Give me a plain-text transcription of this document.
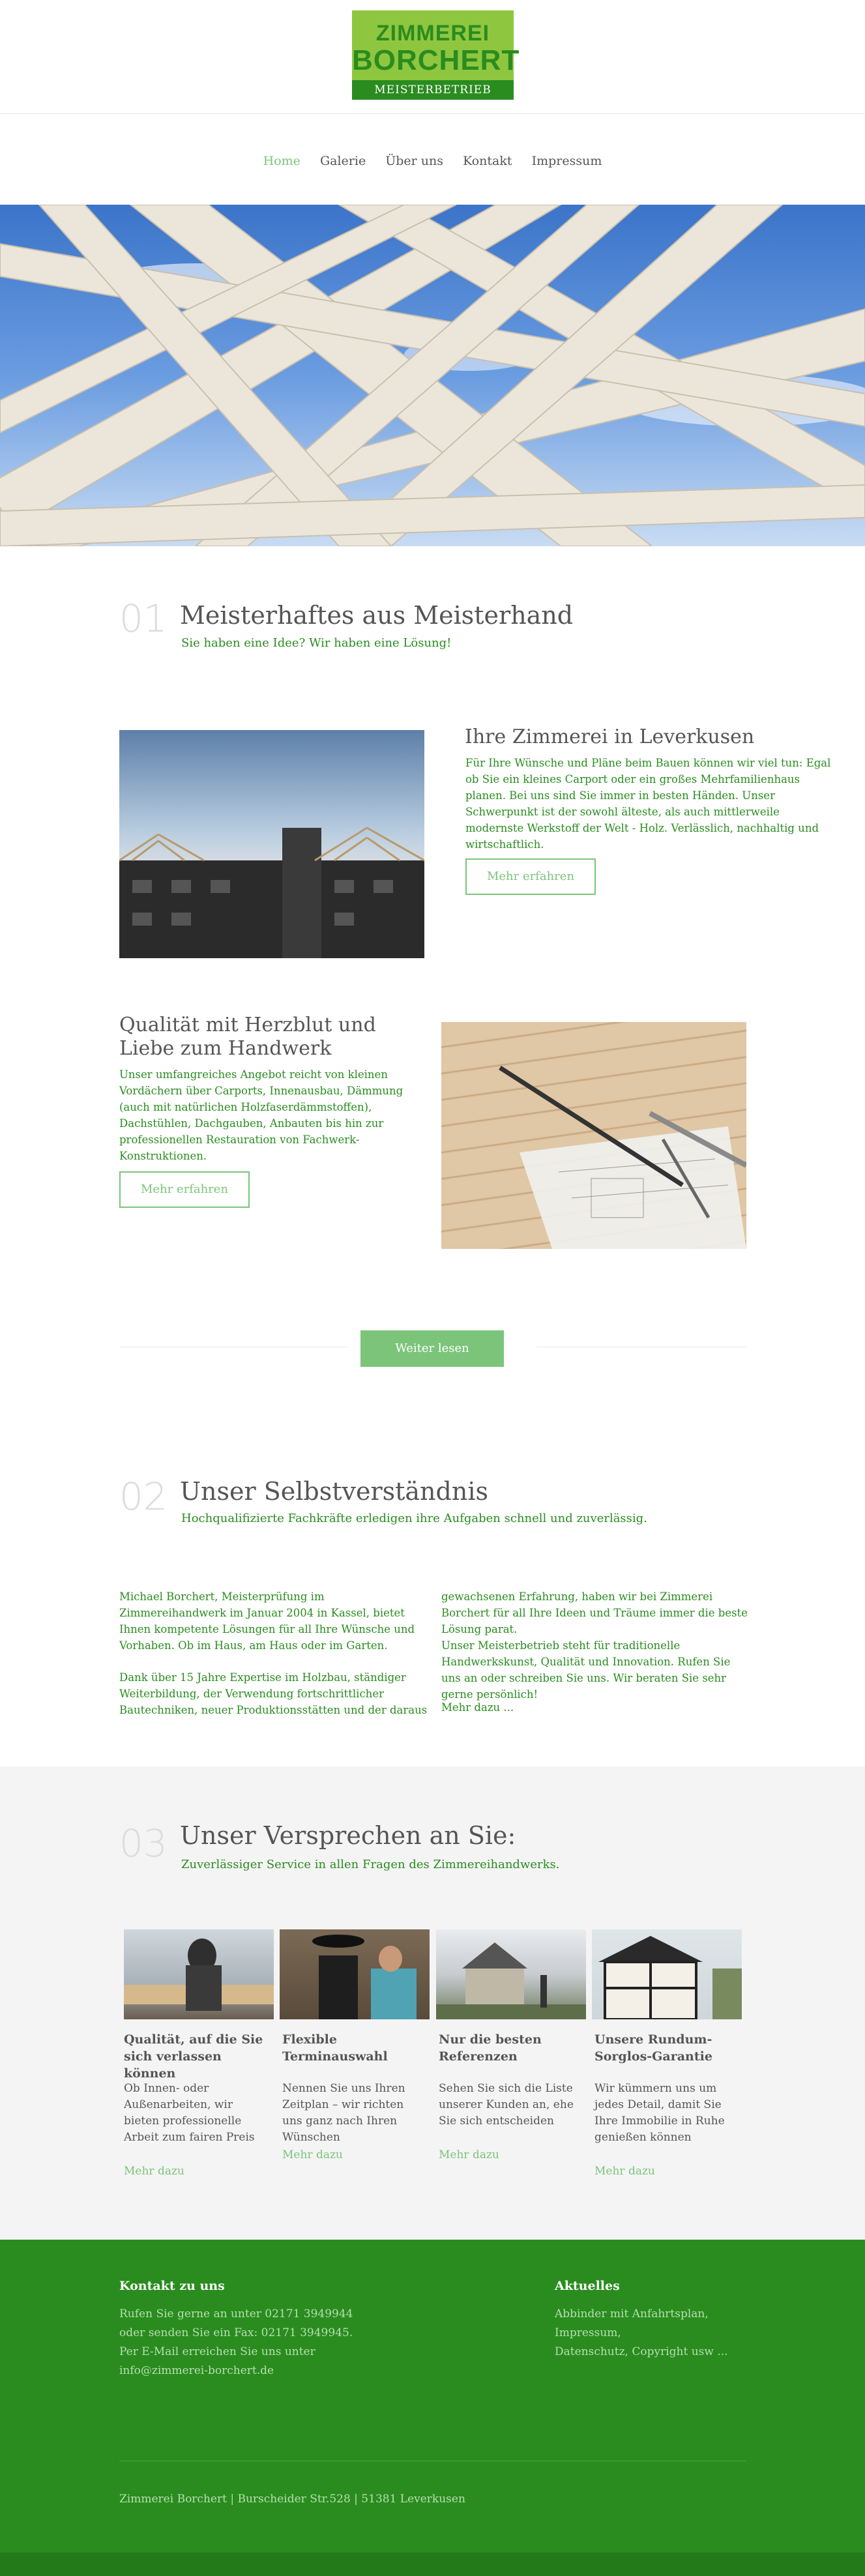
ZIMMEREI
BORCHERT
MEISTERBETRIEB
Home Galerie Über uns Kontakt Impressum
01 Meisterhaftes aus Meisterhand
Sie haben eine Idee? Wir haben eine Lösung!
Ihre Zimmerei in Leverkusen
Für Ihre Wünsche und Pläne beim Bauen können wir viel tun: Egal ob Sie ein kleines Carport oder ein großes Mehrfamilienhaus planen. Bei uns sind Sie immer in besten Händen. Unser Schwerpunkt ist der sowohl älteste, als auch mittlerweile modernste Werkstoff der Welt - Holz. Verlässlich, nachhaltig und wirtschaftlich.
Mehr erfahren
Qualität mit Herzblut und Liebe zum Handwerk
Unser umfangreiches Angebot reicht von kleinen Vordächern über Carports, Innenausbau, Dämmung (auch mit natürlichen Holzfaserdämmstoffen), Dachstühlen, Dachgauben, Anbauten bis hin zur professionellen Restauration von Fachwerk-Konstruktionen.
Mehr erfahren
Weiter lesen
02 Unser Selbstverständnis
Hochqualifizierte Fachkräfte erledigen ihre Aufgaben schnell und zuverlässig.
Michael Borchert, Meisterprüfung im Zimmereihandwerk im Januar 2004 in Kassel, bietet Ihnen kompetente Lösungen für all Ihre Wünsche und Vorhaben. Ob im Haus, am Haus oder im Garten.
Dank über 15 Jahre Expertise im Holzbau, ständiger Weiterbildung, der Verwendung fortschrittlicher Bautechniken, neuer Produktionsstätten und der daraus
gewachsenen Erfahrung, haben wir bei Zimmerei Borchert für all Ihre Ideen und Träume immer die beste Lösung parat.
Unser Meisterbetrieb steht für traditionelle Handwerkskunst, Qualität und Innovation. Rufen Sie uns an oder schreiben Sie uns. Wir beraten Sie sehr gerne persönlich!
Mehr dazu ...
03 Unser Versprechen an Sie:
Zuverlässiger Service in allen Fragen des Zimmereihandwerks.
Qualität, auf die Sie sich verlassen können
Ob Innen- oder Außenarbeiten, wir bieten professionelle Arbeit zum fairen Preis
Mehr dazu
Flexible Terminauswahl
Nennen Sie uns Ihren Zeitplan – wir richten uns ganz nach Ihren Wünschen
Mehr dazu
Nur die besten Referenzen
Sehen Sie sich die Liste unserer Kunden an, ehe Sie sich entscheiden
Mehr dazu
Unsere Rundum-Sorglos-Garantie
Wir kümmern uns um jedes Detail, damit Sie Ihre Immobilie in Ruhe genießen können
Mehr dazu
Kontakt zu uns
Rufen Sie gerne an unter 02171 3949944
oder senden Sie ein Fax: 02171 3949945.
Per E-Mail erreichen Sie uns unter
info@zimmerei-borchert.de
Aktuelles
Abbinder mit Anfahrtsplan, Impressum,
Datenschutz, Copyright usw ...
Zimmerei Borchert | Burscheider Str.528 | 51381 Leverkusen
